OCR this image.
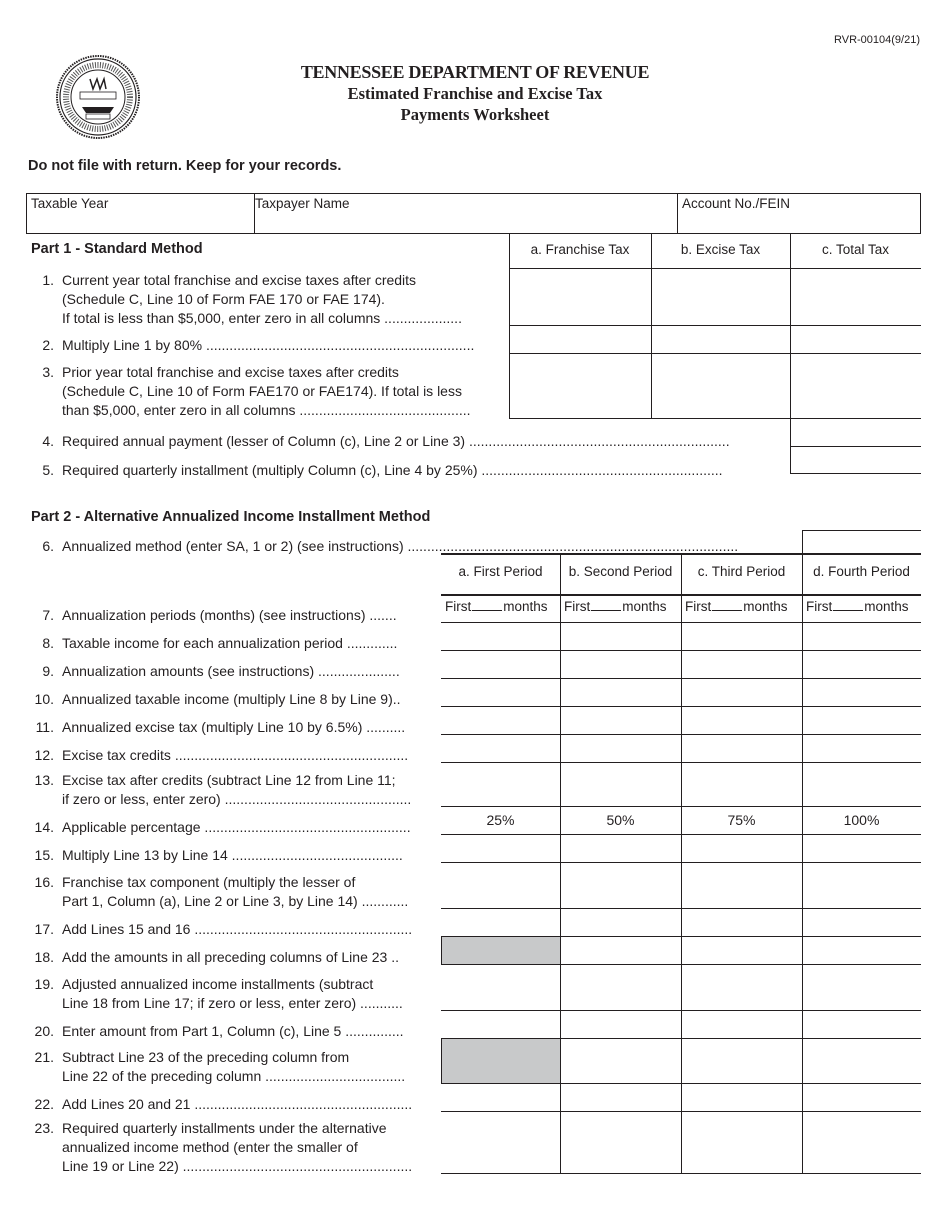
RVR-00104(9/21)
TENNESSEE DEPARTMENT OF REVENUE
Estimated Franchise and Excise Tax
Payments Worksheet
Do not file with return. Keep for your records.
Taxable Year	Taxpayer Name	Account No./FEIN
Part 1 - Standard Method	a. Franchise Tax	b. Excise Tax	c. Total Tax
1. Current year total franchise and excise taxes after credits
(Schedule C, Line 10 of Form FAE 170 or FAE 174).
If total is less than $5,000, enter zero in all columns ....................
2. Multiply Line 1 by 80% .....................................................................
3. Prior year total franchise and excise taxes after credits
(Schedule C, Line 10 of Form FAE170 or FAE174). If total is less
than $5,000, enter zero in all columns ............................................
4. Required annual payment (lesser of Column (c), Line 2 or Line 3) ...................................................................
5. Required quarterly installment (multiply Column (c), Line 4 by 25%) ..............................................................
Part 2 - Alternative Annualized Income Installment Method
6. Annualized method (enter SA, 1 or 2) (see instructions) .....................................................................................
a. First Period	b. Second Period	c. Third Period	d. Fourth Period
7. Annualization periods (months) (see instructions) .......
First months	First months	First months	First months
8. Taxable income for each annualization period .............
9. Annualization amounts (see instructions) .....................
10. Annualized taxable income (multiply Line 8 by Line 9)..
11. Annualized excise tax (multiply Line 10 by 6.5%) ..........
12. Excise tax credits ............................................................
13. Excise tax after credits (subtract Line 12 from Line 11;
if zero or less, enter zero) ................................................
14. Applicable percentage .....................................................	25%	50%	75%	100%
15. Multiply Line 13 by Line 14 ............................................
16. Franchise tax component (multiply the lesser of
Part 1, Column (a), Line 2 or Line 3, by Line 14) ............
17. Add Lines 15 and 16 ........................................................
18. Add the amounts in all preceding columns of Line 23 ..
19. Adjusted annualized income installments (subtract
Line 18 from Line 17; if zero or less, enter zero) ...........
20. Enter amount from Part 1, Column (c), Line 5 ...............
21. Subtract Line 23 of the preceding column from
Line 22 of the preceding column ....................................
22. Add Lines 20 and 21 ........................................................
23. Required quarterly installments under the alternative
annualized income method (enter the smaller of
Line 19 or Line 22) ...........................................................
